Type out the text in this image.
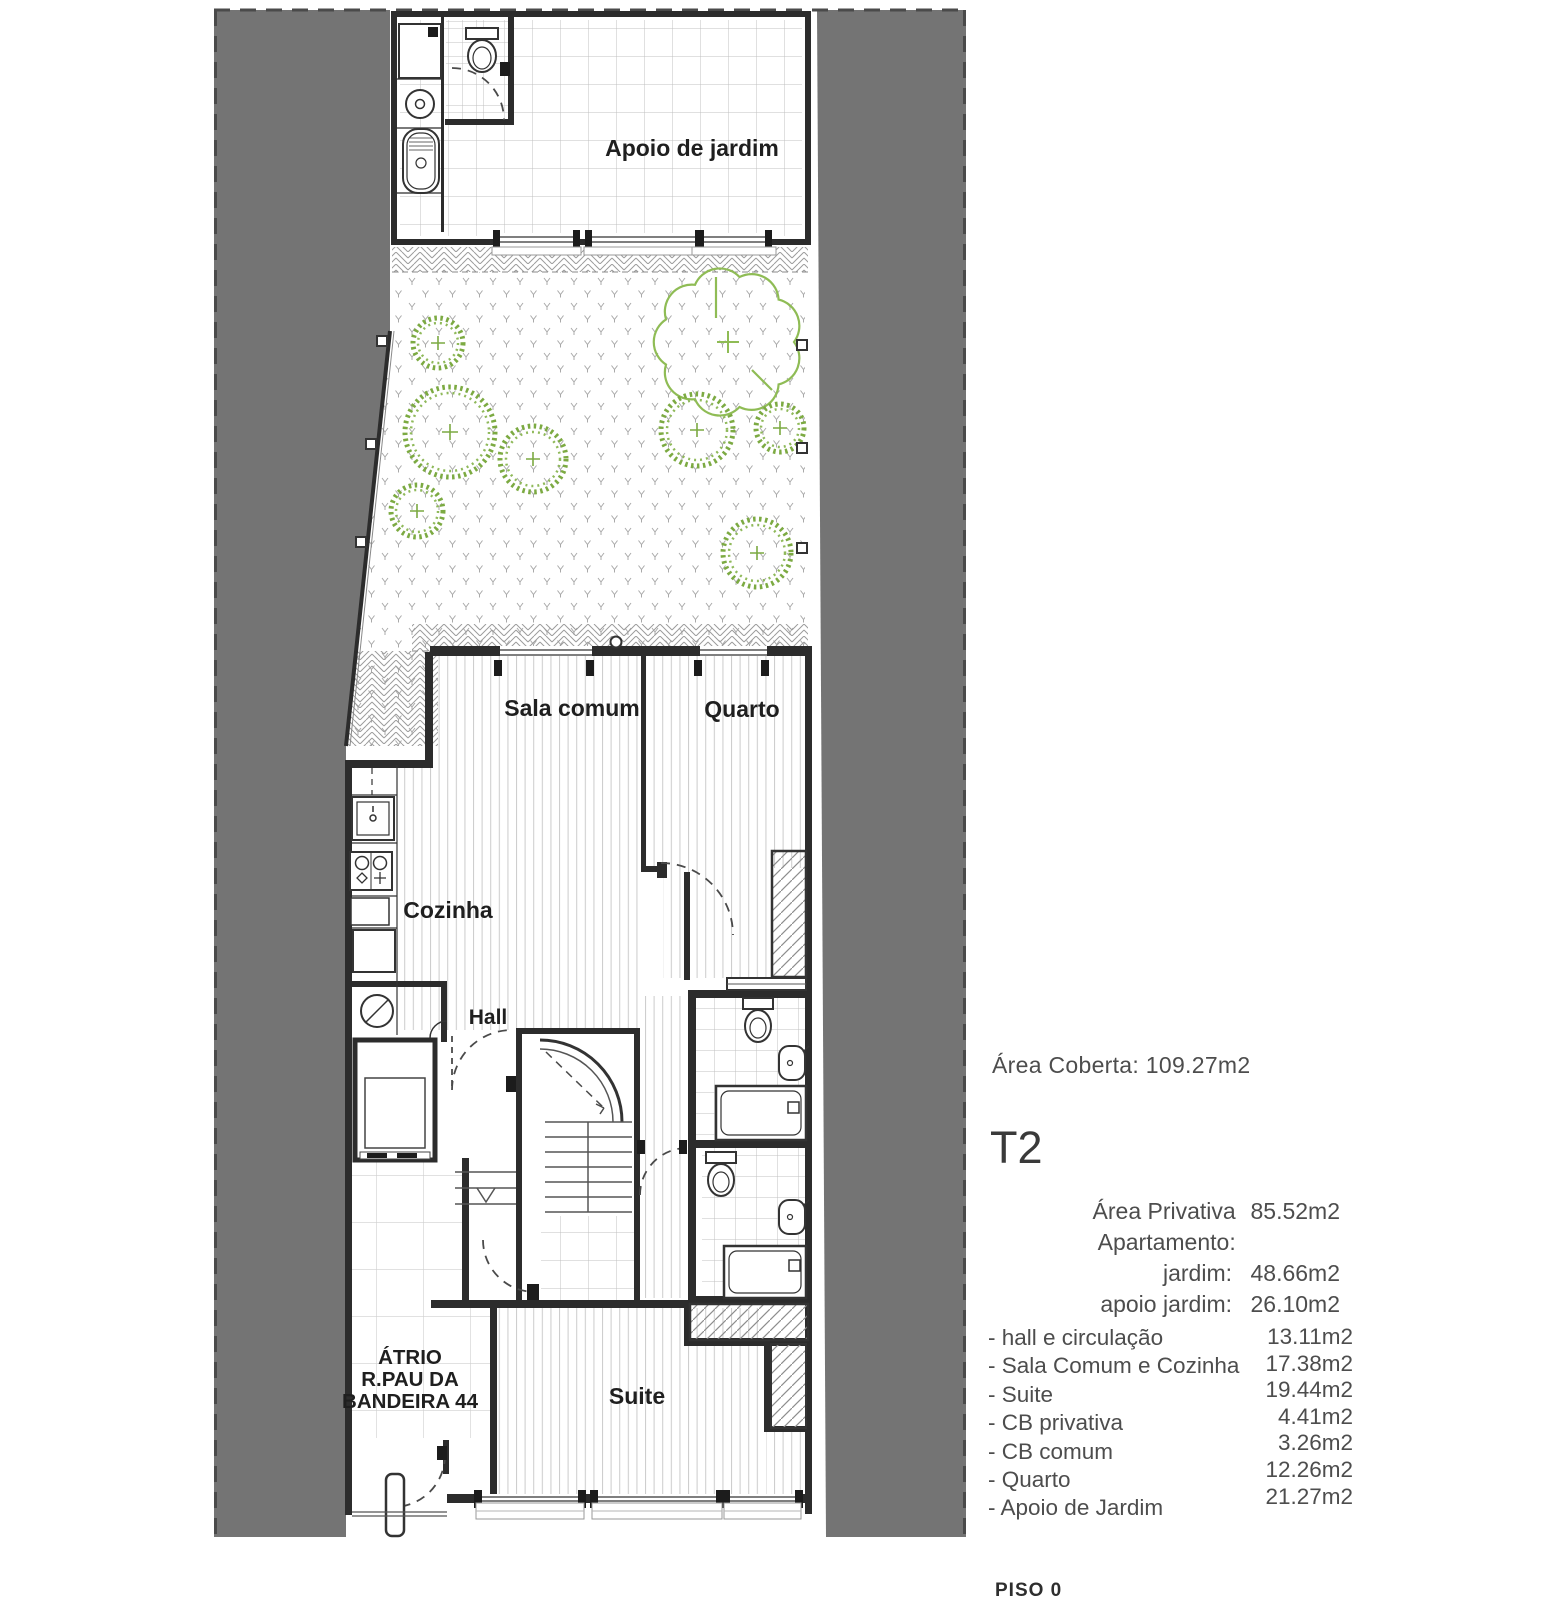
Apoio de jardim
Sala comum	Quarto
Cozinha
Hall
Suite
ÁTRIO
R.PAU DA
BANDEIRA 44
Área Coberta: 109.27m2
T2
Área Privativa Apartamento:
85.52m2
jardim: 48.66m2
apoio jardim: 26.10m2
- hall e circulação
- Sala Comum e Cozinha
- Suite
- CB privativa
- CB comum
- Quarto
- Apoio de Jardim
13.11m2
17.38m2
19.44m2
4.41m2
3.26m2
12.26m2
21.27m2
PISO 0
